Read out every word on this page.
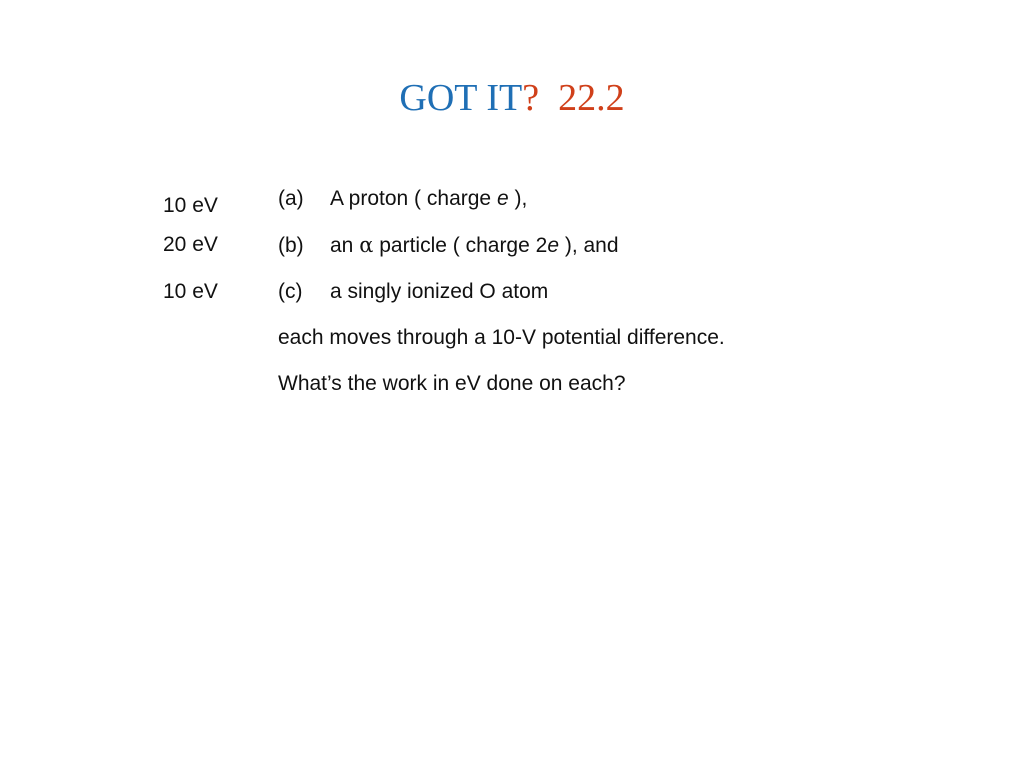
GOT IT? 22.2
10 eV
20 eV
10 eV
(a) A proton ( charge e ),
(b) an α particle ( charge 2e ), and
(c) a singly ionized O atom
each moves through a 10-V potential difference.
What’s the work in eV done on each?
